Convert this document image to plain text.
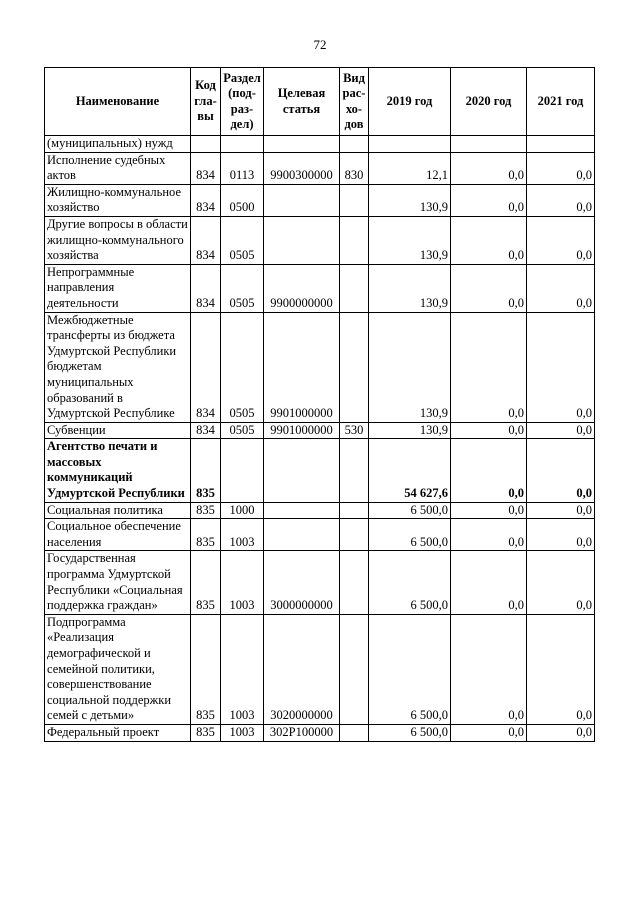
72
Наименование	Код гла- вы	Раздел (под- раз- дел)	Целевая статья	Вид рас- хо- дов	2019 год	2020 год	2021 год
(муниципальных) нужд							
Исполнение судебных актов	834	0113	9900300000	830	12,1	0,0	0,0
Жилищно-коммунальное хозяйство	834	0500			130,9	0,0	0,0
Другие вопросы в области жилищно-коммунального хозяйства	834	0505			130,9	0,0	0,0
Непрограммные направления деятельности	834	0505	9900000000		130,9	0,0	0,0
Межбюджетные трансферты из бюджета Удмуртской Республики бюджетам муниципальных образований в Удмуртской Республике	834	0505	9901000000		130,9	0,0	0,0
Субвенции	834	0505	9901000000	530	130,9	0,0	0,0
Агентство печати и массовых коммуникаций Удмуртской Республики	835				54 627,6	0,0	0,0
Социальная политика	835	1000			6 500,0	0,0	0,0
Социальное обеспечение населения	835	1003			6 500,0	0,0	0,0
Государственная программа Удмуртской Республики «Социальная поддержка граждан»	835	1003	3000000000		6 500,0	0,0	0,0
Подпрограмма «Реализация демографической и семейной политики, совершенствование социальной поддержки семей с детьми»	835	1003	3020000000		6 500,0	0,0	0,0
Федеральный проект	835	1003	302P100000		6 500,0	0,0	0,0
